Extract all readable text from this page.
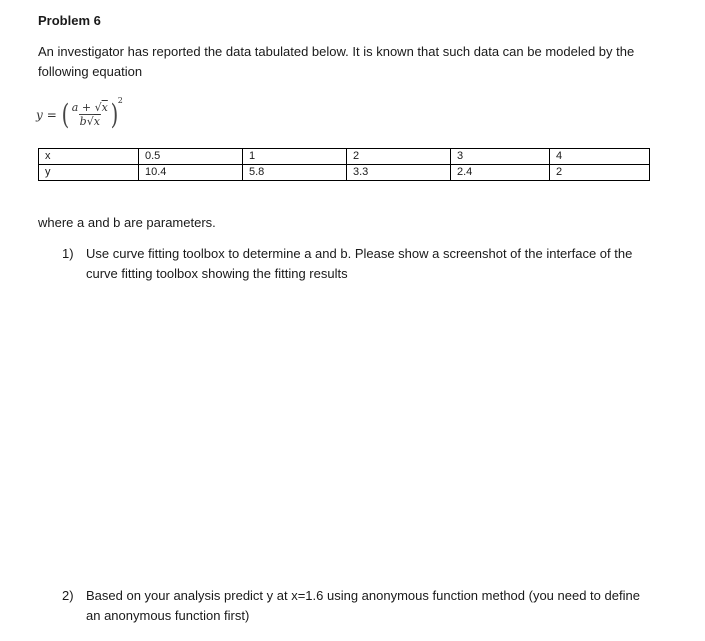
Problem 6
An investigator has reported the data tabulated below. It is known that such data can be modeled by the following equation
y = ( $\frac{a + √x}{b√x}$ ) 2
x	0.5	1	2	3	4
y	10.4	5.8	3.3	2.4	2
where a and b are parameters.
1) Use curve fitting toolbox to determine a and b. Please show a screenshot of the interface of the curve fitting toolbox showing the fitting results
2) Based on your analysis predict y at x=1.6 using anonymous function method (you need to define an anonymous function first)
